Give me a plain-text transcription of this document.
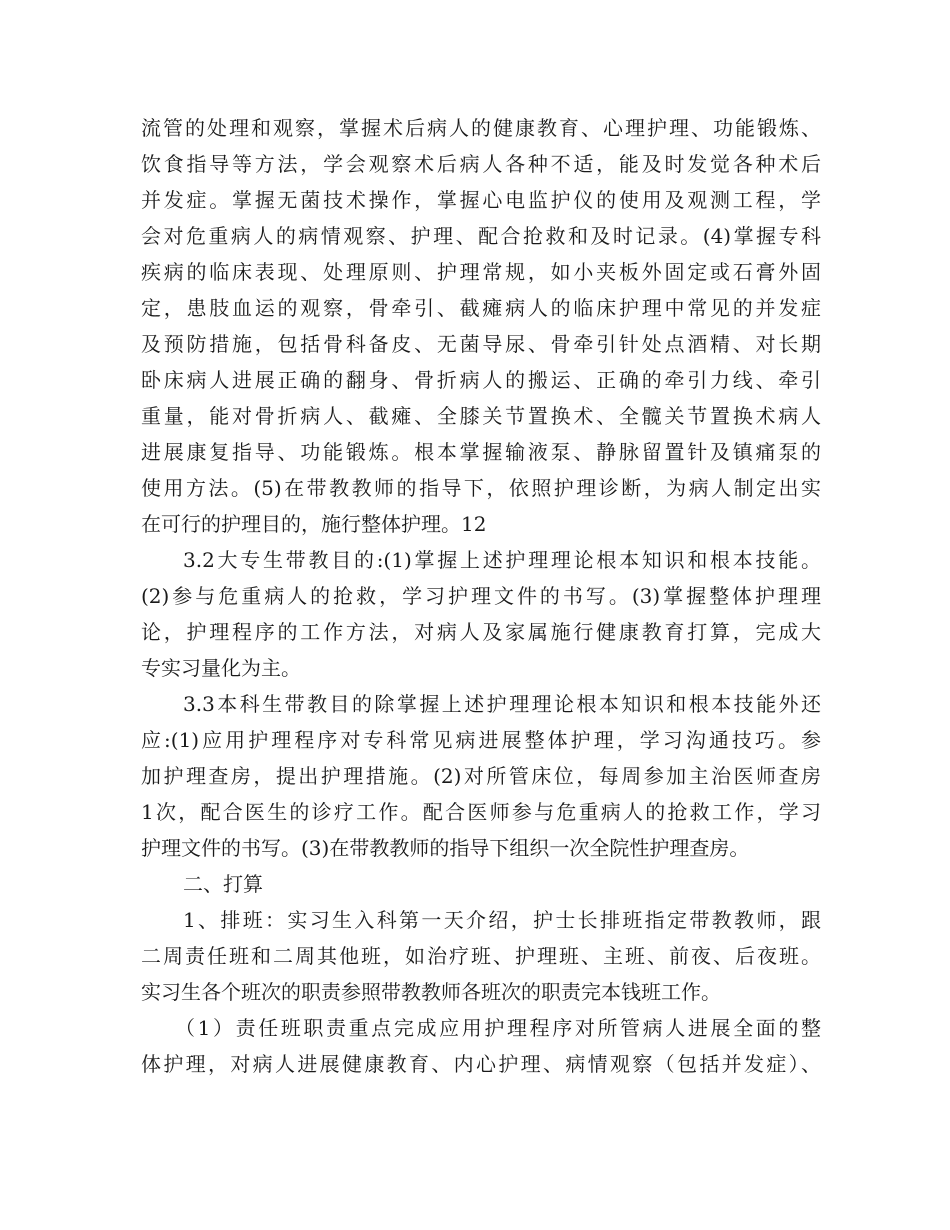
流管的处理和观察，掌握术后病人的健康教育、心理护理、功能锻炼、
饮食指导等方法，学会观察术后病人各种不适，能及时发觉各种术后
并发症。掌握无菌技术操作，掌握心电监护仪的使用及观测工程，学
会对危重病人的病情观察、护理、配合抢救和及时记录。(4)掌握专科
疾病的临床表现、处理原则、护理常规，如小夹板外固定或石膏外固
定，患肢血运的观察，骨牵引、截瘫病人的临床护理中常见的并发症
及预防措施，包括骨科备皮、无菌导尿、骨牵引针处点酒精、对长期
卧床病人进展正确的翻身、骨折病人的搬运、正确的牵引力线、牵引
重量，能对骨折病人、截瘫、全膝关节置换术、全髋关节置换术病人
进展康复指导、功能锻炼。根本掌握输液泵、静脉留置针及镇痛泵的
使用方法。(5)在带教教师的指导下，依照护理诊断，为病人制定出实
在可行的护理目的，施行整体护理。12
3.2大专生带教目的:(1)掌握上述护理理论根本知识和根本技能。
(2)参与危重病人的抢救，学习护理文件的书写。(3)掌握整体护理理
论，护理程序的工作方法，对病人及家属施行健康教育打算，完成大
专实习量化为主。
3.3本科生带教目的除掌握上述护理理论根本知识和根本技能外还
应:(1)应用护理程序对专科常见病进展整体护理，学习沟通技巧。参
加护理查房，提出护理措施。(2)对所管床位，每周参加主治医师查房
1次，配合医生的诊疗工作。配合医师参与危重病人的抢救工作，学习
护理文件的书写。(3)在带教教师的指导下组织一次全院性护理查房。
二、打算
1、排班：实习生入科第一天介绍，护士长排班指定带教教师，跟
二周责任班和二周其他班，如治疗班、护理班、主班、前夜、后夜班。
实习生各个班次的职责参照带教教师各班次的职责完本钱班工作。
（1）责任班职责重点完成应用护理程序对所管病人进展全面的整
体护理，对病人进展健康教育、内心护理、病情观察（包括并发症）、
